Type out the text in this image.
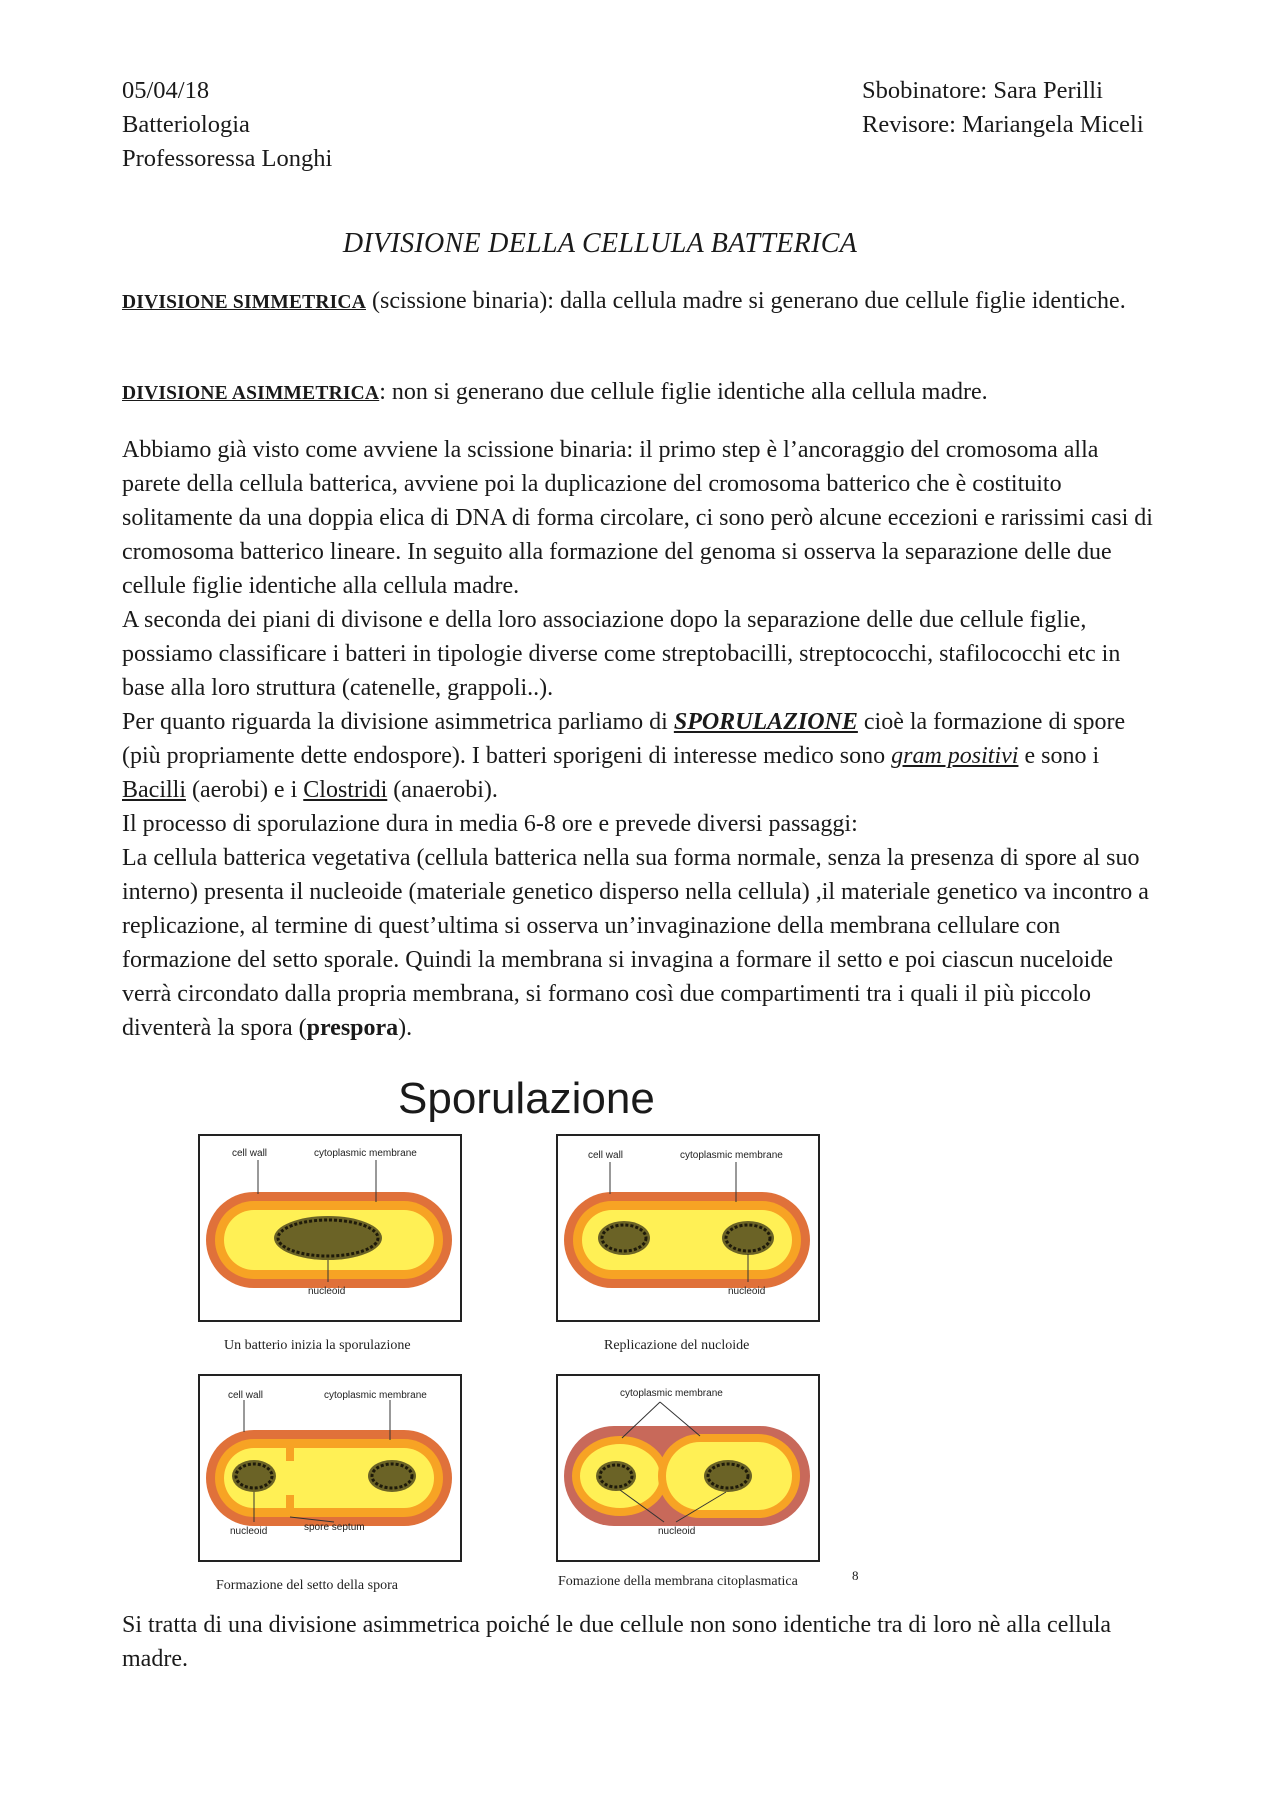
05/04/18
Batteriologia
Professoressa Longhi
Sbobinatore: Sara Perilli
Revisore: Mariangela Miceli
DIVISIONE DELLA CELLULA BATTERICA
DIVISIONE SIMMETRICA (scissione binaria): dalla cellula madre si generano due cellule figlie identiche.
DIVISIONE ASIMMETRICA: non si generano due cellule figlie identiche alla cellula madre.
Abbiamo già visto come avviene la scissione binaria: il primo step è l’ancoraggio del cromosoma alla parete della cellula batterica, avviene poi la duplicazione del cromosoma batterico che è costituito solitamente da una doppia elica di DNA di forma circolare, ci sono però alcune eccezioni e rarissimi casi di cromosoma batterico lineare. In seguito alla formazione del genoma si osserva la separazione delle due cellule figlie identiche alla cellula madre.
A seconda dei piani di divisone e della loro associazione dopo la separazione delle due cellule figlie, possiamo classificare i batteri in tipologie diverse come streptobacilli, streptococchi, stafilococchi etc in base alla loro struttura (catenelle, grappoli..).
Per quanto riguarda la divisione asimmetrica parliamo di SPORULAZIONE cioè la formazione di spore (più propriamente dette endospore). I batteri sporigeni di interesse medico sono gram positivi e sono i Bacilli (aerobi) e i Clostridi (anaerobi).
Il processo di sporulazione dura in media 6-8 ore e prevede diversi passaggi:
La cellula batterica vegetativa (cellula batterica nella sua forma normale, senza la presenza di spore al suo interno) presenta il nucleoide (materiale genetico disperso nella cellula) ,il materiale genetico va incontro a replicazione, al termine di quest’ultima si osserva un’invaginazione della membrana cellulare con formazione del setto sporale. Quindi la membrana si invagina a formare il setto e poi ciascun nuceloide verrà circondato dalla propria membrana, si formano così due compartimenti tra i quali il più piccolo diventerà la spora (prespora).
Sporulazione
cell wall	cytoplasmic membrane
nucleoid
Un batterio inizia la sporulazione
cell wall	cytoplasmic membrane
nucleoid
Replicazione del nucloide
cell wall	cytoplasmic membrane
nucleoid	spore septum
Formazione del setto della spora
cytoplasmic membrane
nucleoid
Fomazione della membrana citoplasmatica	8
Si tratta di una divisione asimmetrica poiché le due cellule non sono identiche tra di loro nè alla cellula madre.
